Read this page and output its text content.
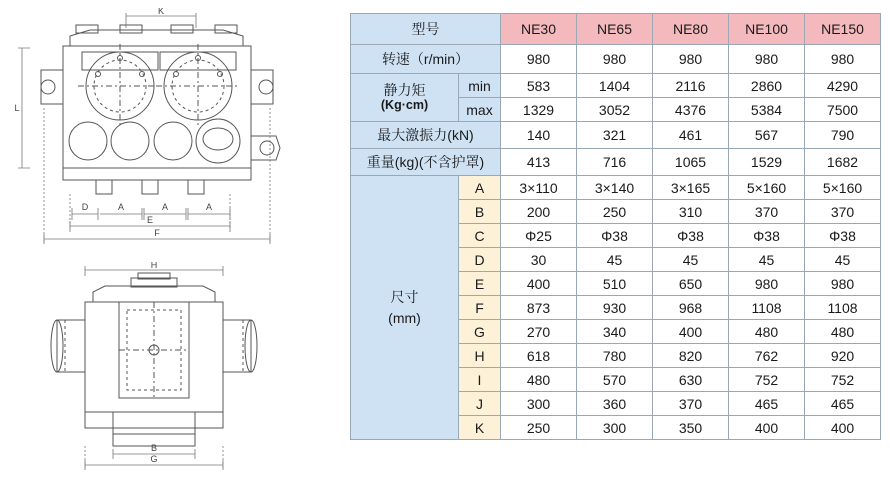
K
L
D	A	A	A
E
F
H
B
G
型号		NE30	NE65	NE80	NE100	NE150
转速（r/min）		980	980	980	980	980

静力矩
(Kg·cm)	min	583	1404	2116	2860	4290
	max	1329	3052	4376	5384	7500
最大激振力(kN)		140	321	461	567	790
重量(kg)(不含护罩)		413	716	1065	1529	1682

尺寸
(mm)	A	3×110	3×140	3×165	5×160	5×160
	B	200	250	310	370	370
	C	Φ25	Φ38	Φ38	Φ38	Φ38
	D	30	45	45	45	45
	E	400	510	650	980	980
	F	873	930	968	1108	1108
	G	270	340	400	480	480
	H	618	780	820	762	920
	I	480	570	630	752	752
	J	300	360	370	465	465
	K	250	300	350	400	400
